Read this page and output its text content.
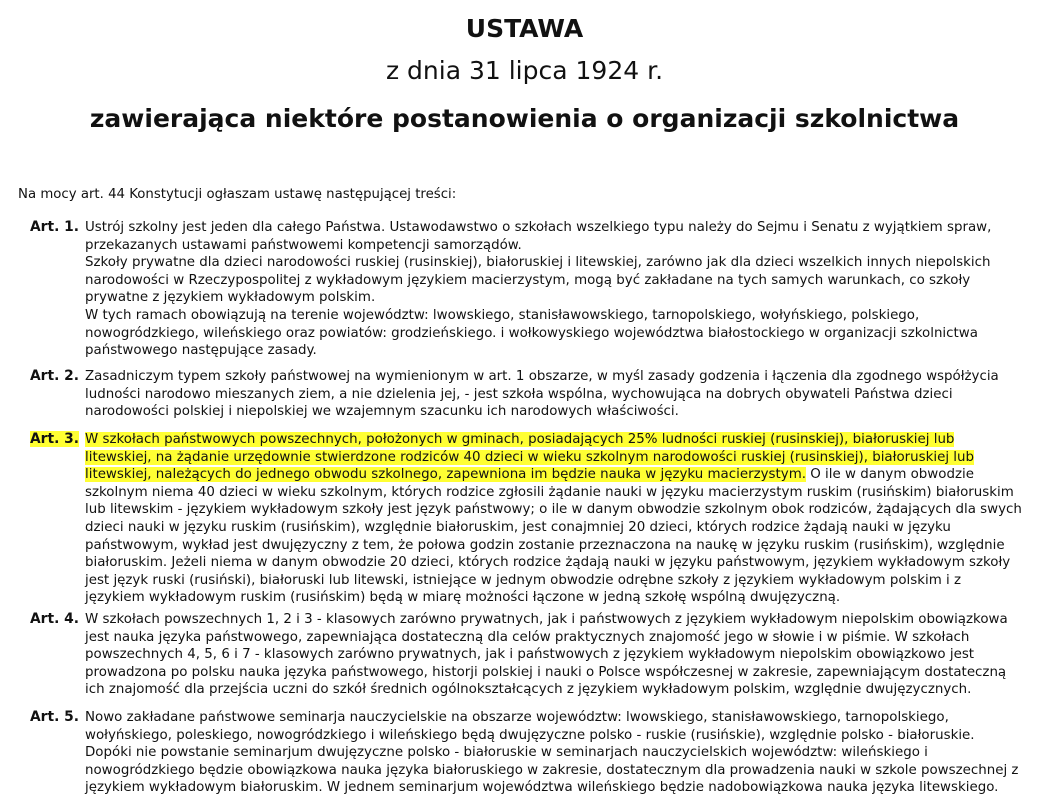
USTAWA
z dnia 31 lipca 1924 r.
zawierająca niektóre postanowienia o organizacji szkolnictwa
Na mocy art. 44 Konstytucji ogłaszam ustawę następującej treści:
Art. 1. Ustrój szkolny jest jeden dla całego Państwa. Ustawodawstwo o szkołach wszelkiego typu należy do Sejmu i Senatu z wyjątkiem spraw,
przekazanych ustawami państwowemi kompetencji samorządów.
Szkoły prywatne dla dzieci narodowości ruskiej (rusinskiej), białoruskiej i litewskiej, zarówno jak dla dzieci wszelkich innych niepolskich
narodowości w Rzeczypospolitej z wykładowym językiem macierzystym, mogą być zakładane na tych samych warunkach, co szkoły
prywatne z językiem wykładowym polskim.
W tych ramach obowiązują na terenie województw: lwowskiego, stanisławowskiego, tarnopolskiego, wołyńskiego, polskiego,
nowogródzkiego, wileńskiego oraz powiatów: grodzieńskiego. i wołkowyskiego województwa białostockiego w organizacji szkolnictwa
państwowego następujące zasady.
Art. 2. Zasadniczym typem szkoły państwowej na wymienionym w art. 1 obszarze, w myśl zasady godzenia i łączenia dla zgodnego współżycia
ludności narodowo mieszanych ziem, a nie dzielenia jej, - jest szkoła wspólna, wychowująca na dobrych obywateli Państwa dzieci
narodowości polskiej i niepolskiej we wzajemnym szacunku ich narodowych właściwości.
Art. 3. W szkołach państwowych powszechnych, położonych w gminach, posiadających 25% ludności ruskiej (rusinskiej), białoruskiej lub
litewskiej, na żądanie urzędownie stwierdzone rodziców 40 dzieci w wieku szkolnym narodowości ruskiej (rusinskiej), białoruskiej lub
litewskiej, należących do jednego obwodu szkolnego, zapewniona im będzie nauka w języku macierzystym. O ile w danym obwodzie
szkolnym niema 40 dzieci w wieku szkolnym, których rodzice zgłosili żądanie nauki w języku macierzystym ruskim (rusińskim) białoruskim
lub litewskim - językiem wykładowym szkoły jest język państwowy; o ile w danym obwodzie szkolnym obok rodziców, żądających dla swych
dzieci nauki w języku ruskim (rusińskim), względnie białoruskim, jest conajmniej 20 dzieci, których rodzice żądają nauki w języku
państwowym, wykład jest dwujęzyczny z tem, że połowa godzin zostanie przeznaczona na naukę w języku ruskim (rusińskim), względnie
białoruskim. Jeżeli niema w danym obwodzie 20 dzieci, których rodzice żądają nauki w języku państwowym, językiem wykładowym szkoły
jest język ruski (rusiński), białoruski lub litewski, istniejące w jednym obwodzie odrębne szkoły z językiem wykładowym polskim i z
językiem wykładowym ruskim (rusińskim) będą w miarę możności łączone w jedną szkołę wspólną dwujęzyczną.
Art. 4. W szkołach powszechnych 1, 2 i 3 - klasowych zarówno prywatnych, jak i państwowych z językiem wykładowym niepolskim obowiązkowa
jest nauka języka państwowego, zapewniająca dostateczną dla celów praktycznych znajomość jego w słowie i w piśmie. W szkołach
powszechnych 4, 5, 6 i 7 - klasowych zarówno prywatnych, jak i państwowych z językiem wykładowym niepolskim obowiązkowo jest
prowadzona po polsku nauka języka państwowego, historji polskiej i nauki o Polsce współczesnej w zakresie, zapewniającym dostateczną
ich znajomość dla przejścia uczni do szkół średnich ogólnokształcących z językiem wykładowym polskim, względnie dwujęzycznych.
Art. 5. Nowo zakładane państwowe seminarja nauczycielskie na obszarze województw: lwowskiego, stanisławowskiego, tarnopolskiego,
wołyńskiego, poleskiego, nowogródzkiego i wileńskiego będą dwujęzyczne polsko - ruskie (rusińskie), względnie polsko - białoruskie.
Dopóki nie powstanie seminarjum dwujęzyczne polsko - białoruskie w seminarjach nauczycielskich województw: wileńskiego i
nowogródzkiego będzie obowiązkowa nauka języka białoruskiego w zakresie, dostatecznym dla prowadzenia nauki w szkole powszechnej z
językiem wykładowym białoruskim. W jednem seminarjum województwa wileńskiego będzie nadobowiązkowa nauka języka litewskiego.
